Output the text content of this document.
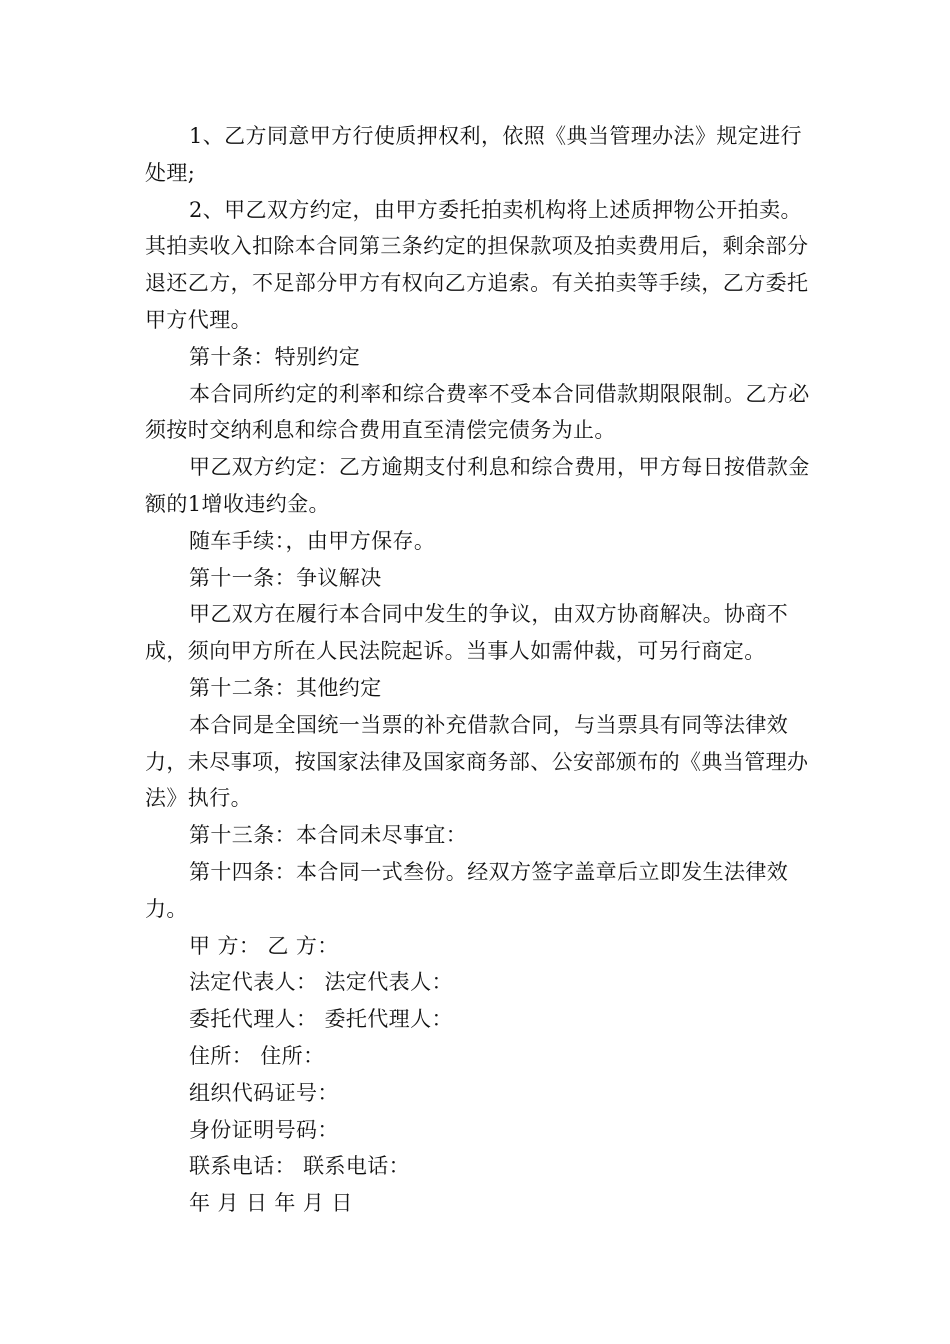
1、乙方同意甲方行使质押权利，依照《典当管理办法》规定进行处理;

2、甲乙双方约定，由甲方委托拍卖机构将上述质押物公开拍卖。其拍卖收入扣除本合同第三条约定的担保款项及拍卖费用后，剩余部分退还乙方，不足部分甲方有权向乙方追索。有关拍卖等手续，乙方委托甲方代理。

第十条：特别约定

本合同所约定的利率和综合费率不受本合同借款期限限制。乙方必须按时交纳利息和综合费用直至清偿完债务为止。

甲乙双方约定：乙方逾期支付利息和综合费用，甲方每日按借款金额的1增收违约金。

随车手续：，由甲方保存。

第十一条：争议解决

甲乙双方在履行本合同中发生的争议，由双方协商解决。协商不成，须向甲方所在人民法院起诉。当事人如需仲裁，可另行商定。

第十二条：其他约定

本合同是全国统一当票的补充借款合同，与当票具有同等法律效力，未尽事项，按国家法律及国家商务部、公安部颁布的《典当管理办法》执行。

第十三条：本合同未尽事宜：

第十四条：本合同一式叁份。经双方签字盖章后立即发生法律效力。

甲 方： 乙 方：

法定代表人： 法定代表人：

委托代理人： 委托代理人：

住所： 住所：

组织代码证号：

身份证明号码：

联系电话： 联系电话：

年 月 日 年 月 日
